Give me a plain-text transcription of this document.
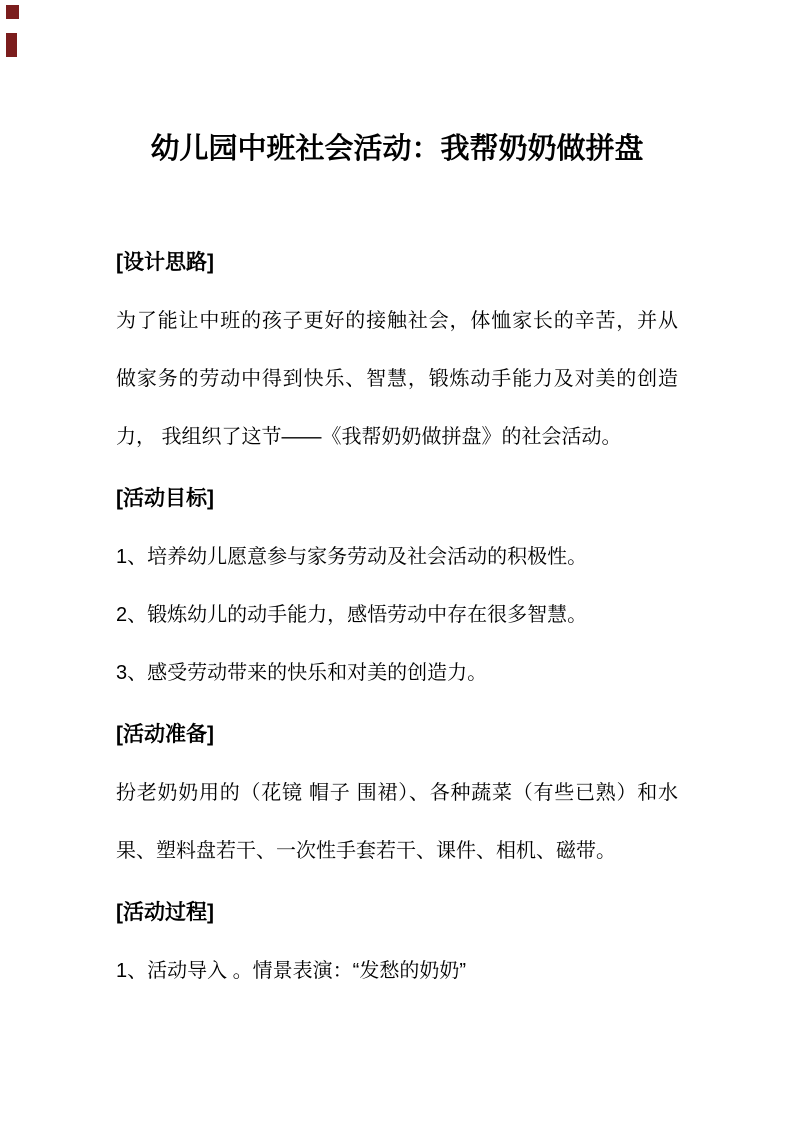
幼儿园中班社会活动：我帮奶奶做拼盘
[设计思路]
为了能让中班的孩子更好的接触社会，体恤家长的辛苦，并从
做家务的劳动中得到快乐、智慧，锻炼动手能力及对美的创造
力， 我组织了这节——《我帮奶奶做拼盘》的社会活动。
[活动目标]
1、培养幼儿愿意参与家务劳动及社会活动的积极性。
2、锻炼幼儿的动手能力，感悟劳动中存在很多智慧。
3、感受劳动带来的快乐和对美的创造力。
[活动准备]
扮老奶奶用的（花镜 帽子 围裙）、各种蔬菜（有些已熟）和水
果、塑料盘若干、一次性手套若干、课件、相机、磁带。
[活动过程]
1、活动导入 。情景表演：“发愁的奶奶”
